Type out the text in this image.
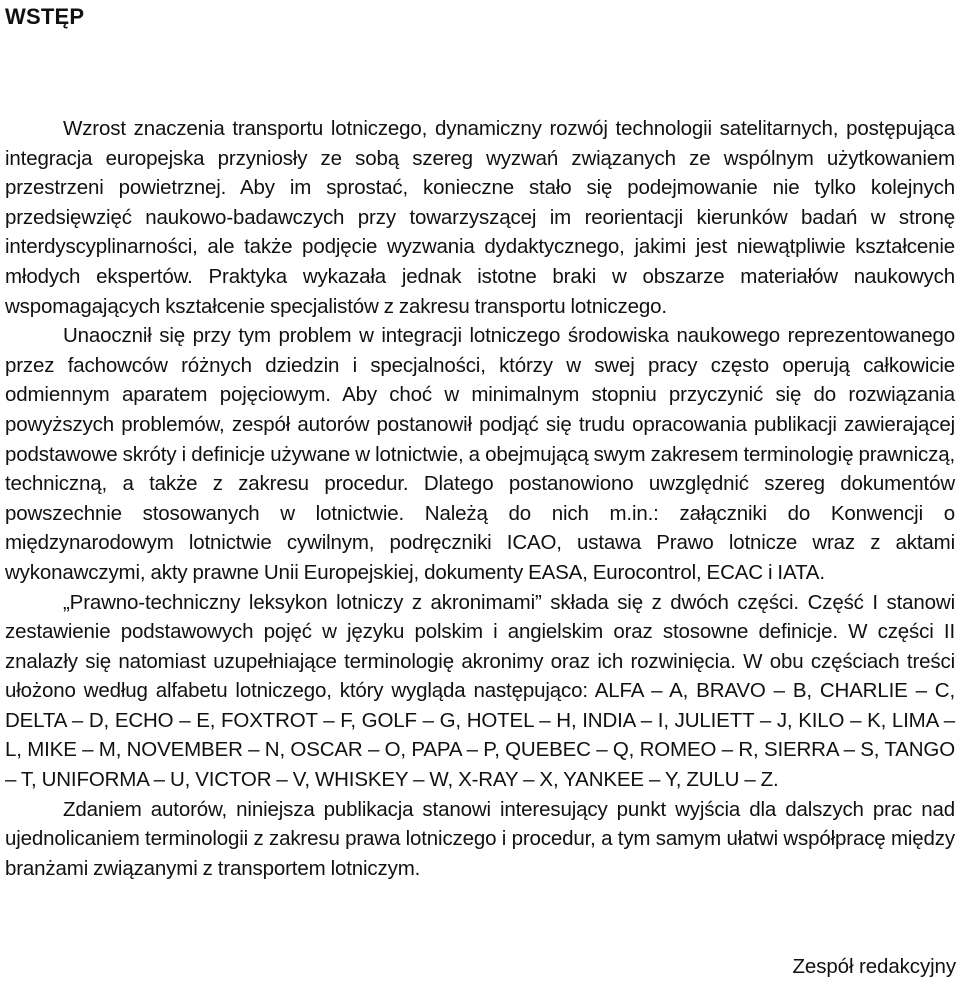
WSTĘP

Wzrost znaczenia transportu lotniczego, dynamiczny rozwój technologii satelitarnych, postępująca integracja europejska przyniosły ze sobą szereg wyzwań związanych ze wspólnym użytkowaniem przestrzeni powietrznej. Aby im sprostać, konieczne stało się podejmowanie nie tylko kolejnych przedsięwzięć naukowo-badawczych przy towarzyszącej im reorientacji kierunków badań w stronę interdyscyplinarności, ale także podjęcie wyzwania dydaktycznego, jakimi jest niewątpliwie kształcenie młodych ekspertów. Praktyka wykazała jednak istotne braki w obszarze materiałów naukowych wspomagających kształcenie specjalistów z zakresu transportu lotniczego.

Unaocznił się przy tym problem w integracji lotniczego środowiska naukowego reprezentowanego przez fachowców różnych dziedzin i specjalności, którzy w swej pracy często operują całkowicie odmiennym aparatem pojęciowym. Aby choć w minimalnym stopniu przyczynić się do rozwiązania powyższych problemów, zespół autorów postanowił podjąć się trudu opracowania publikacji zawierającej podstawowe skróty i definicje używane w lotnictwie, a obejmującą swym zakresem terminologię prawniczą, techniczną, a także z zakresu procedur. Dlatego postanowiono uwzględnić szereg dokumentów powszechnie stosowanych w lotnictwie. Należą do nich m.in.: załączniki do Konwencji o międzynarodowym lotnictwie cywilnym, podręczniki ICAO, ustawa Prawo lotnicze wraz z aktami wykonawczymi, akty prawne Unii Europejskiej, dokumenty EASA, Eurocontrol, ECAC i IATA.

„Prawno-techniczny leksykon lotniczy z akronimami” składa się z dwóch części. Część I stanowi zestawienie podstawowych pojęć w języku polskim i angielskim oraz stosowne definicje. W części II znalazły się natomiast uzupełniające terminologię akronimy oraz ich rozwinięcia. W obu częściach treści ułożono według alfabetu lotniczego, który wygląda następująco: ALFA – A, BRAVO – B, CHARLIE – C, DELTA – D, ECHO – E, FOXTROT – F, GOLF – G, HOTEL – H, INDIA – I, JULIETT – J, KILO – K, LIMA – L, MIKE – M, NOVEMBER – N, OSCAR – O, PAPA – P, QUEBEC – Q, ROMEO – R, SIERRA – S, TANGO – T, UNIFORMA – U, VICTOR – V, WHISKEY – W, X-RAY – X, YANKEE – Y, ZULU – Z.

Zdaniem autorów, niniejsza publikacja stanowi interesujący punkt wyjścia dla dalszych prac nad ujednolicaniem terminologii z zakresu prawa lotniczego i procedur, a tym samym ułatwi współpracę między branżami związanymi z transportem lotniczym.

Zespół redakcyjny
